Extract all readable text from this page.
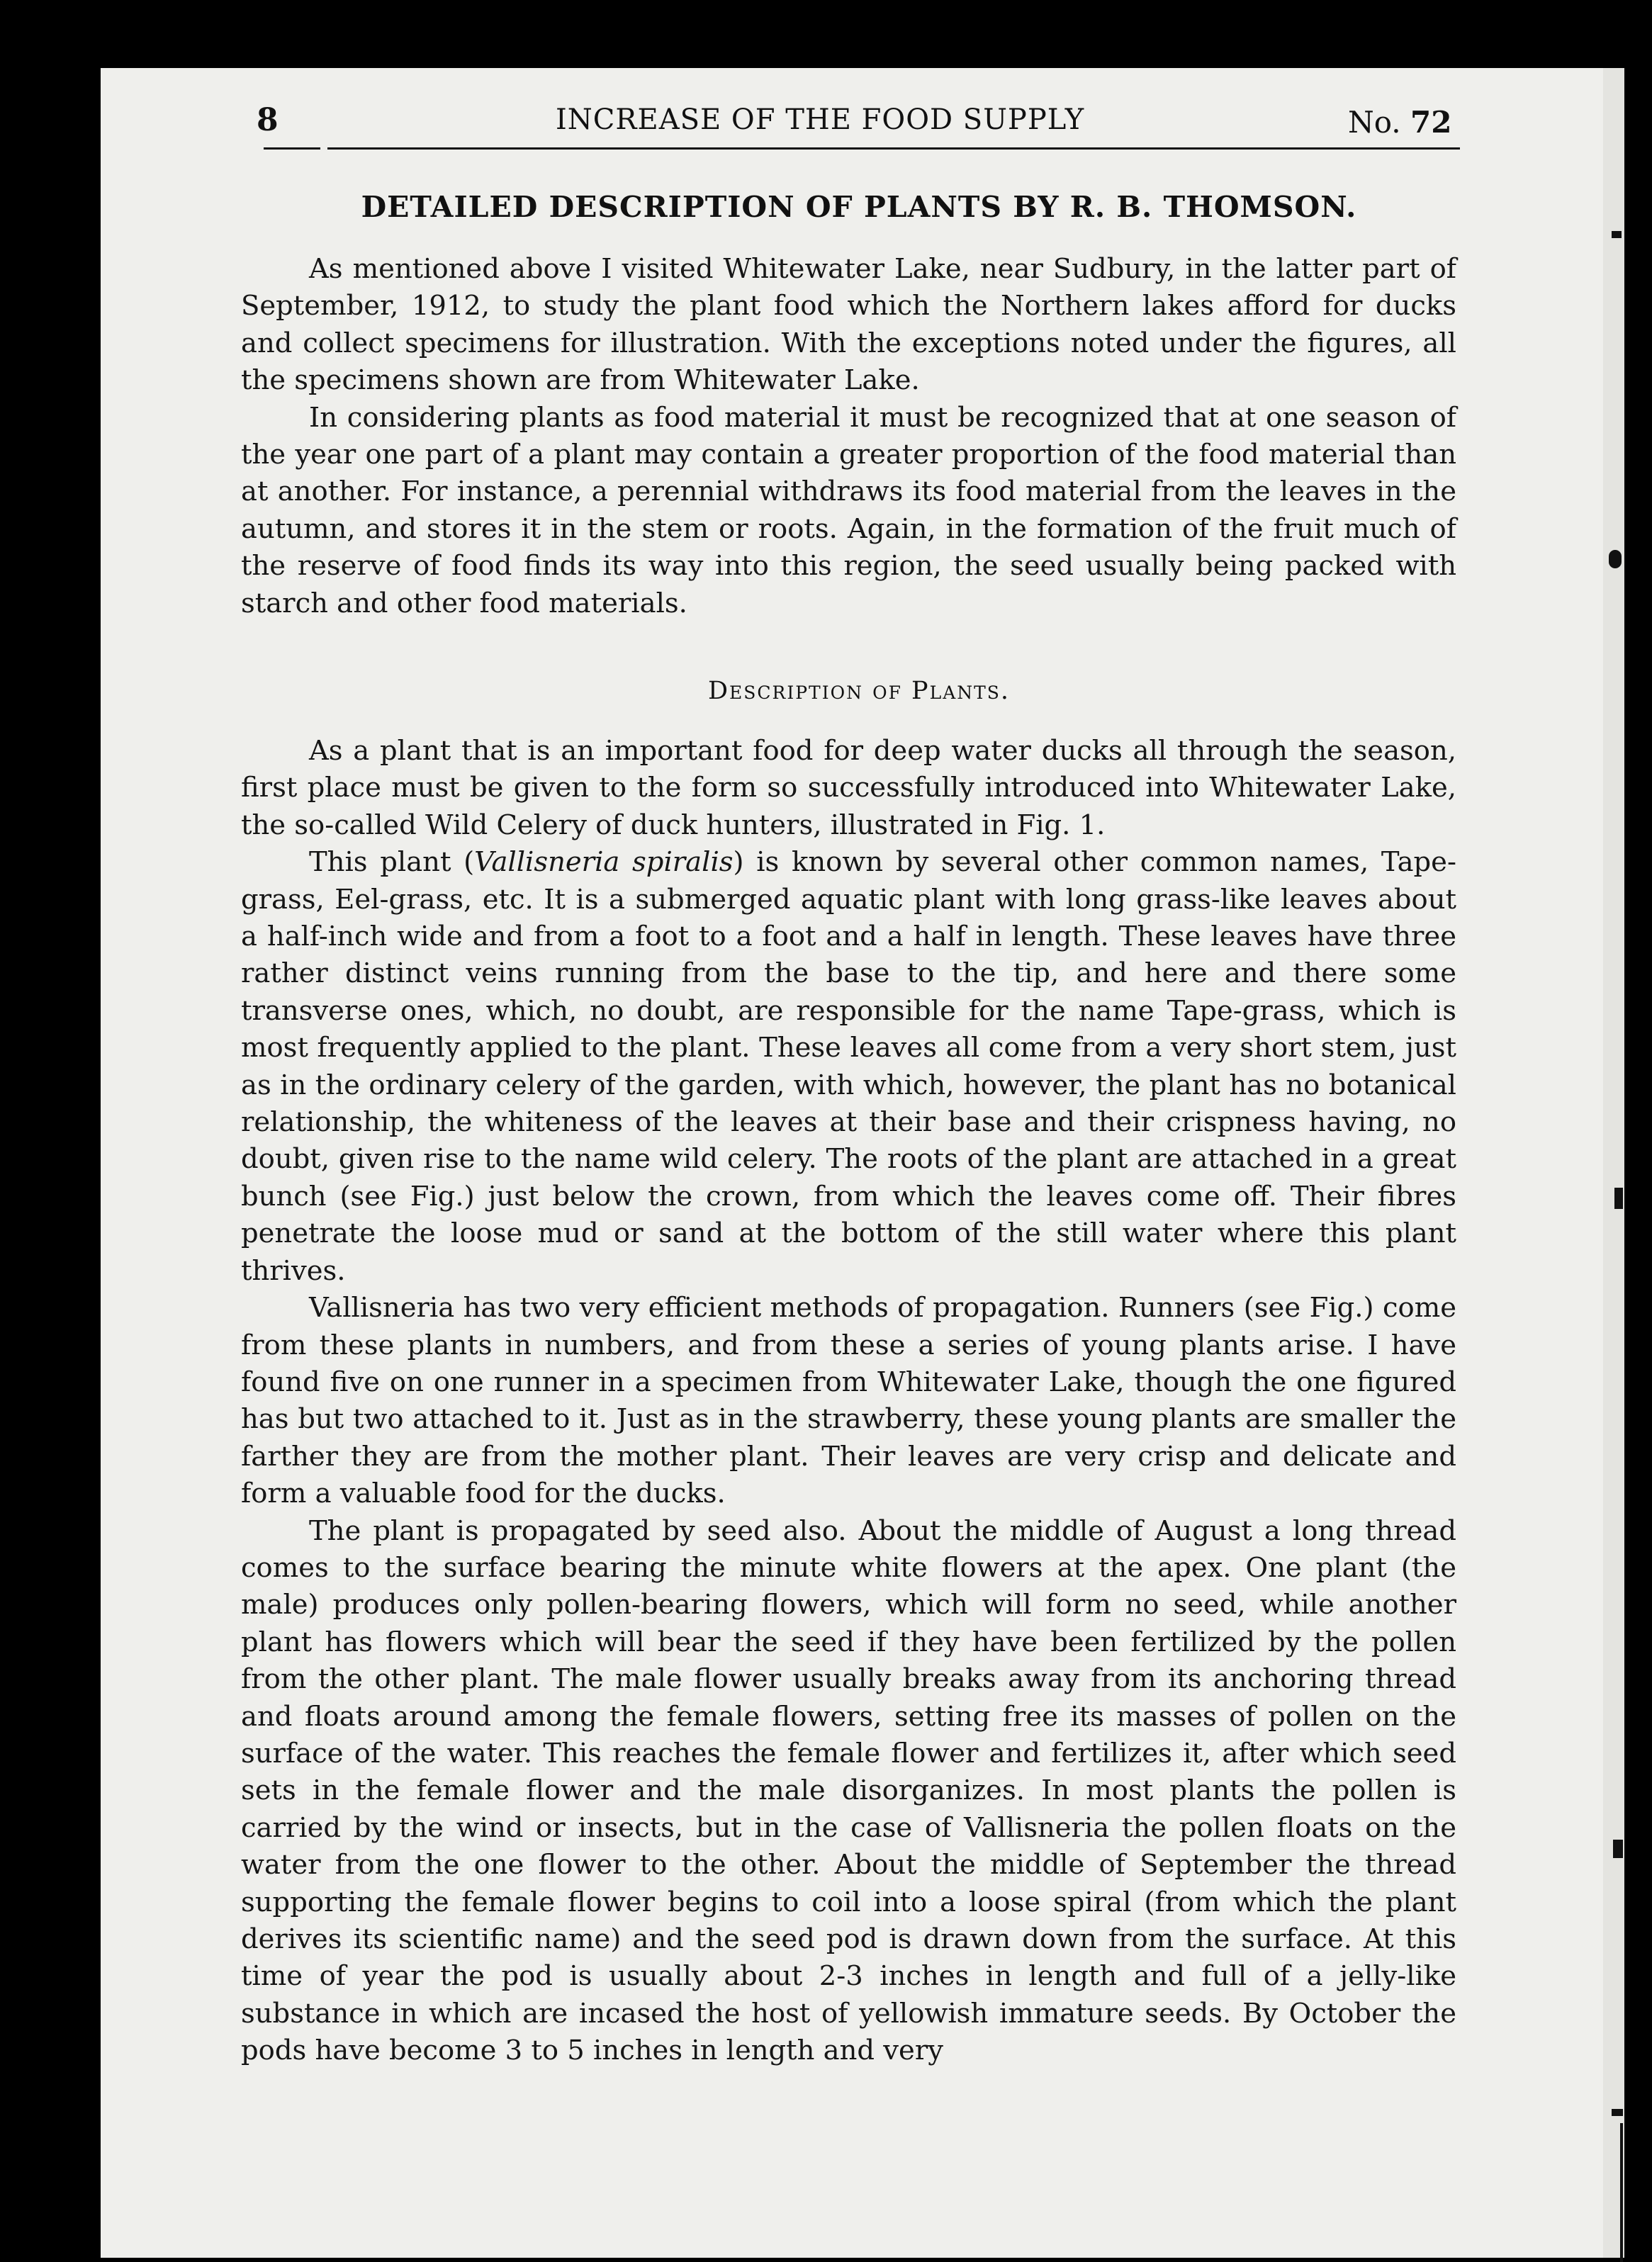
8	INCREASE OF THE FOOD SUPPLY	No. 72
DETAILED DESCRIPTION OF PLANTS BY R. B. THOMSON.

As mentioned above I visited Whitewater Lake, near Sudbury, in the latter part of September, 1912, to study the plant food which the Northern lakes afford for ducks and collect specimens for illustration. With the exceptions noted under the figures, all the specimens shown are from Whitewater Lake.

In considering plants as food material it must be recognized that at one season of the year one part of a plant may contain a greater proportion of the food material than at another. For instance, a perennial withdraws its food material from the leaves in the autumn, and stores it in the stem or roots. Again, in the formation of the fruit much of the reserve of food finds its way into this region, the seed usually being packed with starch and other food materials.

Description of Plants.

As a plant that is an important food for deep water ducks all through the season, first place must be given to the form so successfully introduced into Whitewater Lake, the so-called Wild Celery of duck hunters, illustrated in Fig. 1.

This plant (Vallisneria spiralis) is known by several other common names, Tape-grass, Eel-grass, etc. It is a submerged aquatic plant with long grass-like leaves about a half-inch wide and from a foot to a foot and a half in length. These leaves have three rather distinct veins running from the base to the tip, and here and there some transverse ones, which, no doubt, are responsible for the name Tape-grass, which is most frequently applied to the plant. These leaves all come from a very short stem, just as in the ordinary celery of the garden, with which, however, the plant has no botanical relationship, the whiteness of the leaves at their base and their crispness having, no doubt, given rise to the name wild celery. The roots of the plant are attached in a great bunch (see Fig.) just below the crown, from which the leaves come off. Their fibres penetrate the loose mud or sand at the bottom of the still water where this plant thrives.

Vallisneria has two very efficient methods of propagation. Runners (see Fig.) come from these plants in numbers, and from these a series of young plants arise. I have found five on one runner in a specimen from Whitewater Lake, though the one figured has but two attached to it. Just as in the strawberry, these young plants are smaller the farther they are from the mother plant. Their leaves are very crisp and delicate and form a valuable food for the ducks.

The plant is propagated by seed also. About the middle of August a long thread comes to the surface bearing the minute white flowers at the apex. One plant (the male) produces only pollen-bearing flowers, which will form no seed, while another plant has flowers which will bear the seed if they have been fertilized by the pollen from the other plant. The male flower usually breaks away from its anchoring thread and floats around among the female flowers, setting free its masses of pollen on the surface of the water. This reaches the female flower and fertilizes it, after which seed sets in the female flower and the male disorganizes. In most plants the pollen is carried by the wind or insects, but in the case of Vallisneria the pollen floats on the water from the one flower to the other. About the middle of September the thread supporting the female flower begins to coil into a loose spiral (from which the plant derives its scientific name) and the seed pod is drawn down from the surface. At this time of year the pod is usually about 2-3 inches in length and full of a jelly-like substance in which are incased the host of yellowish immature seeds. By October the pods have become 3 to 5 inches in length and very
